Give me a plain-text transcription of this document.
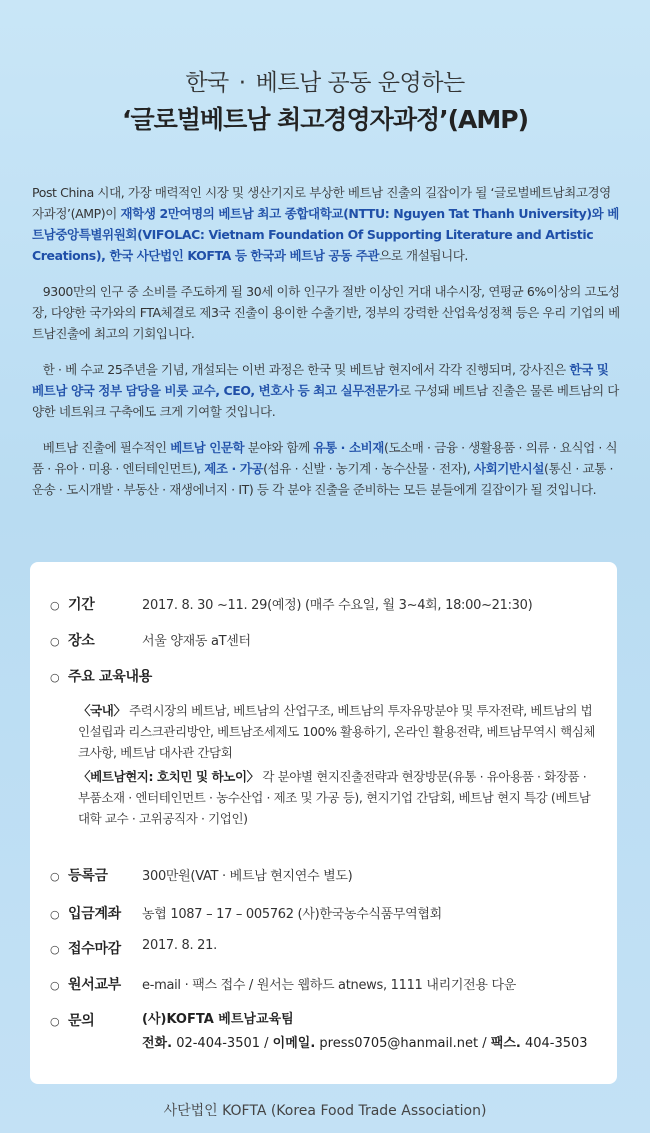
한국 · 베트남 공동 운영하는
‘글로벌베트남 최고경영자과정’(AMP)

Post China 시대, 가장 매력적인 시장 및 생산기지로 부상한 베트남 진출의 길잡이가 될 ‘글로벌베트남최고경영자과정’(AMP)이 재학생 2만여명의 베트남 최고 종합대학교(NTTU: Nguyen Tat Thanh University)와 베트남중앙특별위원회(VIFOLAC: Vietnam Foundation Of Supporting Literature and Artistic Creations), 한국 사단법인 KOFTA 등 한국과 베트남 공동 주관으로 개설됩니다.

9300만의 인구 중 소비를 주도하게 될 30세 이하 인구가 절반 이상인 거대 내수시장, 연평균 6%이상의 고도성장, 다양한 국가와의 FTA체결로 제3국 진출이 용이한 수출기반, 정부의 강력한 산업육성정책 등은 우리 기업의 베트남진출에 최고의 기회입니다.

한 · 베 수교 25주년을 기념, 개설되는 이번 과정은 한국 및 베트남 현지에서 각각 진행되며, 강사진은 한국 및 베트남 양국 정부 담당을 비롯 교수, CEO, 변호사 등 최고 실무전문가로 구성돼 베트남 진출은 물론 베트남의 다양한 네트워크 구축에도 크게 기여할 것입니다.

베트남 진출에 필수적인 베트남 인문학 분야와 함께 유통 · 소비재(도소매 · 금융 · 생활용품 · 의류 · 요식업 · 식품 · 유아 · 미용 · 엔터테인먼트), 제조 · 가공(섬유 · 신발 · 농기계 · 농수산물 · 전자), 사회기반시설(통신 · 교통 · 운송 · 도시개발 · 부동산 · 재생에너지 · IT) 등 각 분야 진출을 준비하는 모든 분들에게 길잡이가 될 것입니다.

○ 기간	2017. 8. 30 ~11. 29(예정) (매주 수요일, 월 3~4회, 18:00~21:30)
○ 장소	서울 양재동 aT센터
○ 주요 교육내용
〈국내〉 주력시장의 베트남, 베트남의 산업구조, 베트남의 투자유망분야 및 투자전략, 베트남의 법인설립과 리스크관리방안, 베트남조세제도 100% 활용하기, 온라인 활용전략, 베트남무역시 핵심체크사항, 베트남 대사관 간담회
〈베트남현지: 호치민 및 하노이〉 각 분야별 현지진출전략과 현장방문(유통 · 유아용품 · 화장품 · 부품소재 · 엔터테인먼트 · 농수산업 · 제조 및 가공 등), 현지기업 간담회, 베트남 현지 특강 (베트남 대학 교수 · 고위공직자 · 기업인)
○ 등록금	300만원(VAT · 베트남 현지연수 별도)
○ 입금계좌 농협 1087 – 17 – 005762 (사)한국농수식품무역협회
○ 접수마감 2017. 8. 21.
○ 원서교부 e-mail · 팩스 접수 / 원서는 웹하드 atnews, 1111 내리기전용 다운
○ 문의	(사)KOFTA 베트남교육팀
전화. 02-404-3501 / 이메일. press0705@hanmail.net / 팩스. 404-3503
사단법인 KOFTA (Korea Food Trade Association)
